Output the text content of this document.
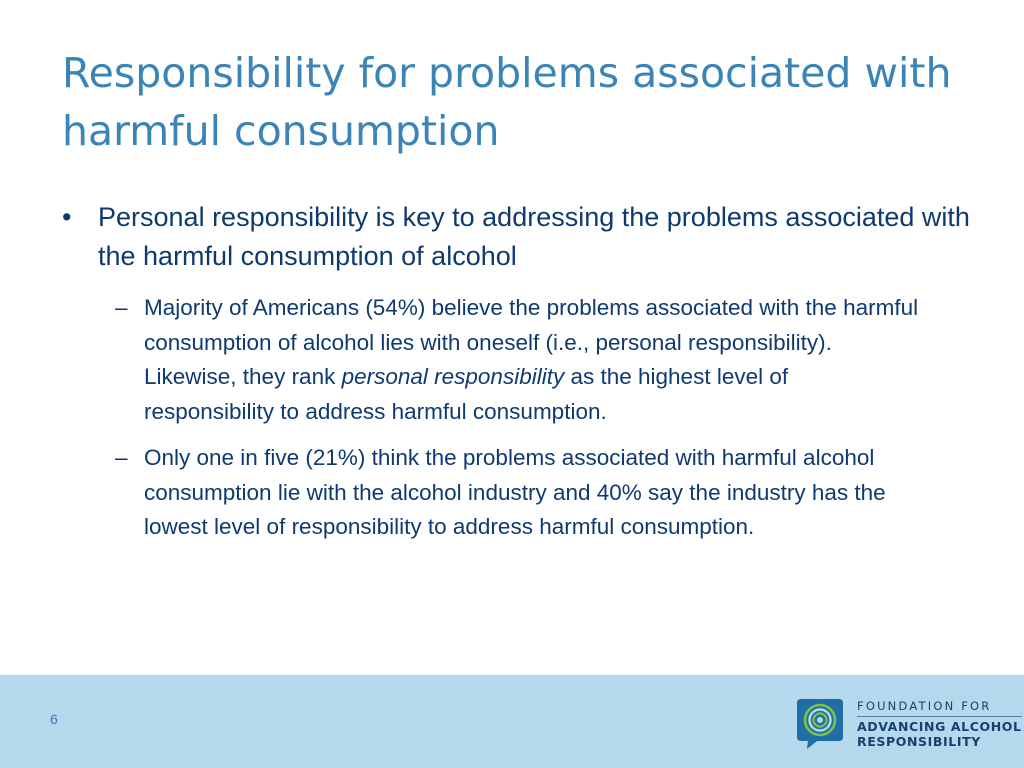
Responsibility for problems associated with harmful consumption
• Personal responsibility is key to addressing the problems associated with the harmful consumption of alcohol
– Majority of Americans (54%) believe the problems associated with the harmful consumption of alcohol lies with oneself (i.e., personal responsibility). Likewise, they rank personal responsibility as the highest level of responsibility to address harmful consumption.
– Only one in five (21%) think the problems associated with harmful alcohol consumption lie with the alcohol industry and 40% say the industry has the lowest level of responsibility to address harmful consumption.
6
FOUNDATION FOR
ADVANCING ALCOHOL
RESPONSIBILITY
